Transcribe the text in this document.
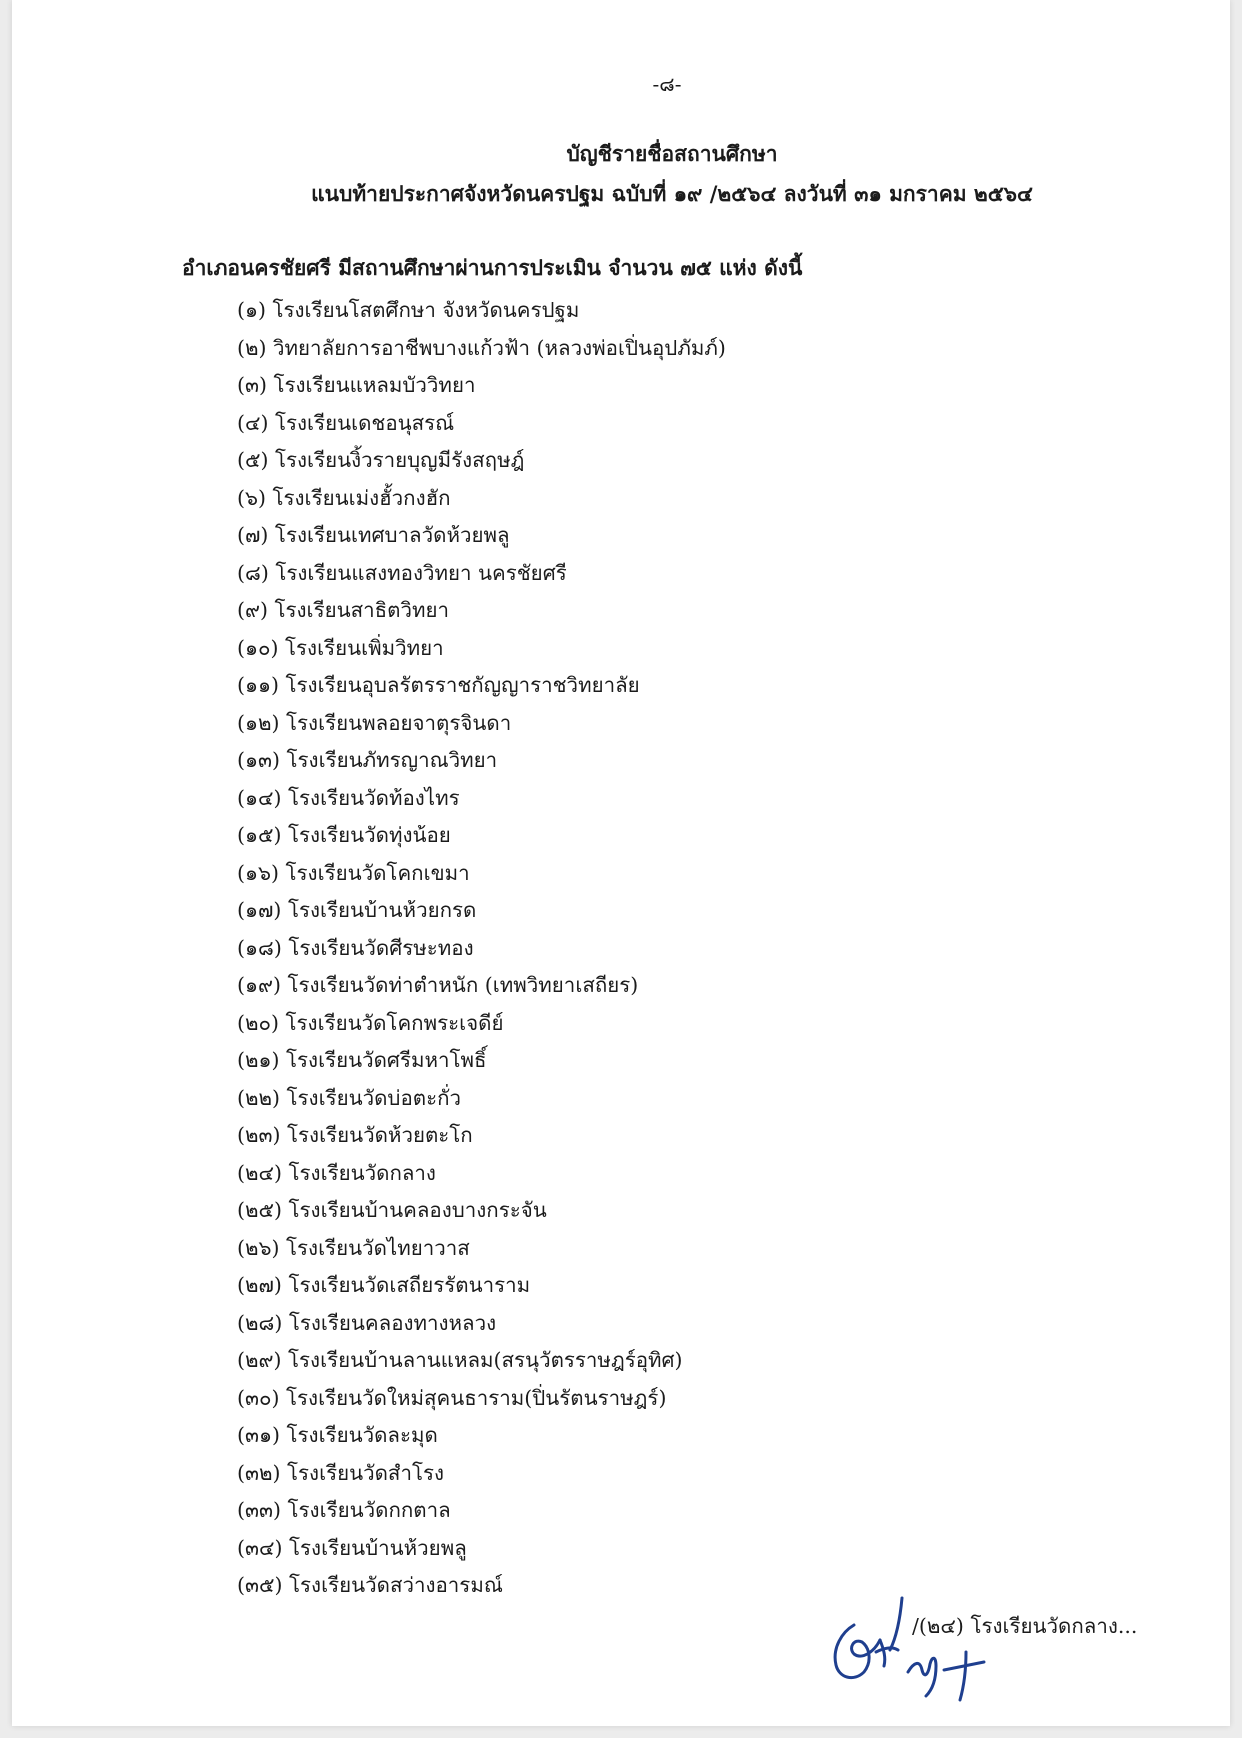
-๘-
บัญชีรายชื่อสถานศึกษา
แนบท้ายประกาศจังหวัดนครปฐม ฉบับที่ ๑๙ /๒๕๖๔ ลงวันที่ ๓๑ มกราคม ๒๕๖๔
อำเภอนครชัยศรี มีสถานศึกษาผ่านการประเมิน จำนวน ๗๕ แห่ง ดังนี้
(๑) โรงเรียนโสตศึกษา จังหวัดนครปฐม
(๒) วิทยาลัยการอาชีพบางแก้วฟ้า (หลวงพ่อเปิ่นอุปภัมภ์)
(๓) โรงเรียนแหลมบัววิทยา
(๔) โรงเรียนเดชอนุสรณ์
(๕) โรงเรียนงิ้วรายบุญมีรังสฤษฎ์
(๖) โรงเรียนเม่งฮั้วกงฮัก
(๗) โรงเรียนเทศบาลวัดห้วยพลู
(๘) โรงเรียนแสงทองวิทยา นครชัยศรี
(๙) โรงเรียนสาธิตวิทยา
(๑๐) โรงเรียนเพิ่มวิทยา
(๑๑) โรงเรียนอุบลรัตรราชกัญญาราชวิทยาลัย
(๑๒) โรงเรียนพลอยจาตุรจินดา
(๑๓) โรงเรียนภัทรญาณวิทยา
(๑๔) โรงเรียนวัดท้องไทร
(๑๕) โรงเรียนวัดทุ่งน้อย
(๑๖) โรงเรียนวัดโคกเขมา
(๑๗) โรงเรียนบ้านห้วยกรด
(๑๘) โรงเรียนวัดศีรษะทอง
(๑๙) โรงเรียนวัดท่าตำหนัก (เทพวิทยาเสถียร)
(๒๐) โรงเรียนวัดโคกพระเจดีย์
(๒๑) โรงเรียนวัดศรีมหาโพธิ์
(๒๒) โรงเรียนวัดบ่อตะกั่ว
(๒๓) โรงเรียนวัดห้วยตะโก
(๒๔) โรงเรียนวัดกลาง
(๒๕) โรงเรียนบ้านคลองบางกระจัน
(๒๖) โรงเรียนวัดไทยาวาส
(๒๗) โรงเรียนวัดเสถียรรัตนาราม
(๒๘) โรงเรียนคลองทางหลวง
(๒๙) โรงเรียนบ้านลานแหลม(สรนุวัตรราษฎร์อุทิศ)
(๓๐) โรงเรียนวัดใหม่สุคนธาราม(ปิ่นรัตนราษฎร์)
(๓๑) โรงเรียนวัดละมุด
(๓๒) โรงเรียนวัดสำโรง
(๓๓) โรงเรียนวัดกกตาล
(๓๔) โรงเรียนบ้านห้วยพลู
(๓๕) โรงเรียนวัดสว่างอารมณ์
/(๒๔) โรงเรียนวัดกลาง...
